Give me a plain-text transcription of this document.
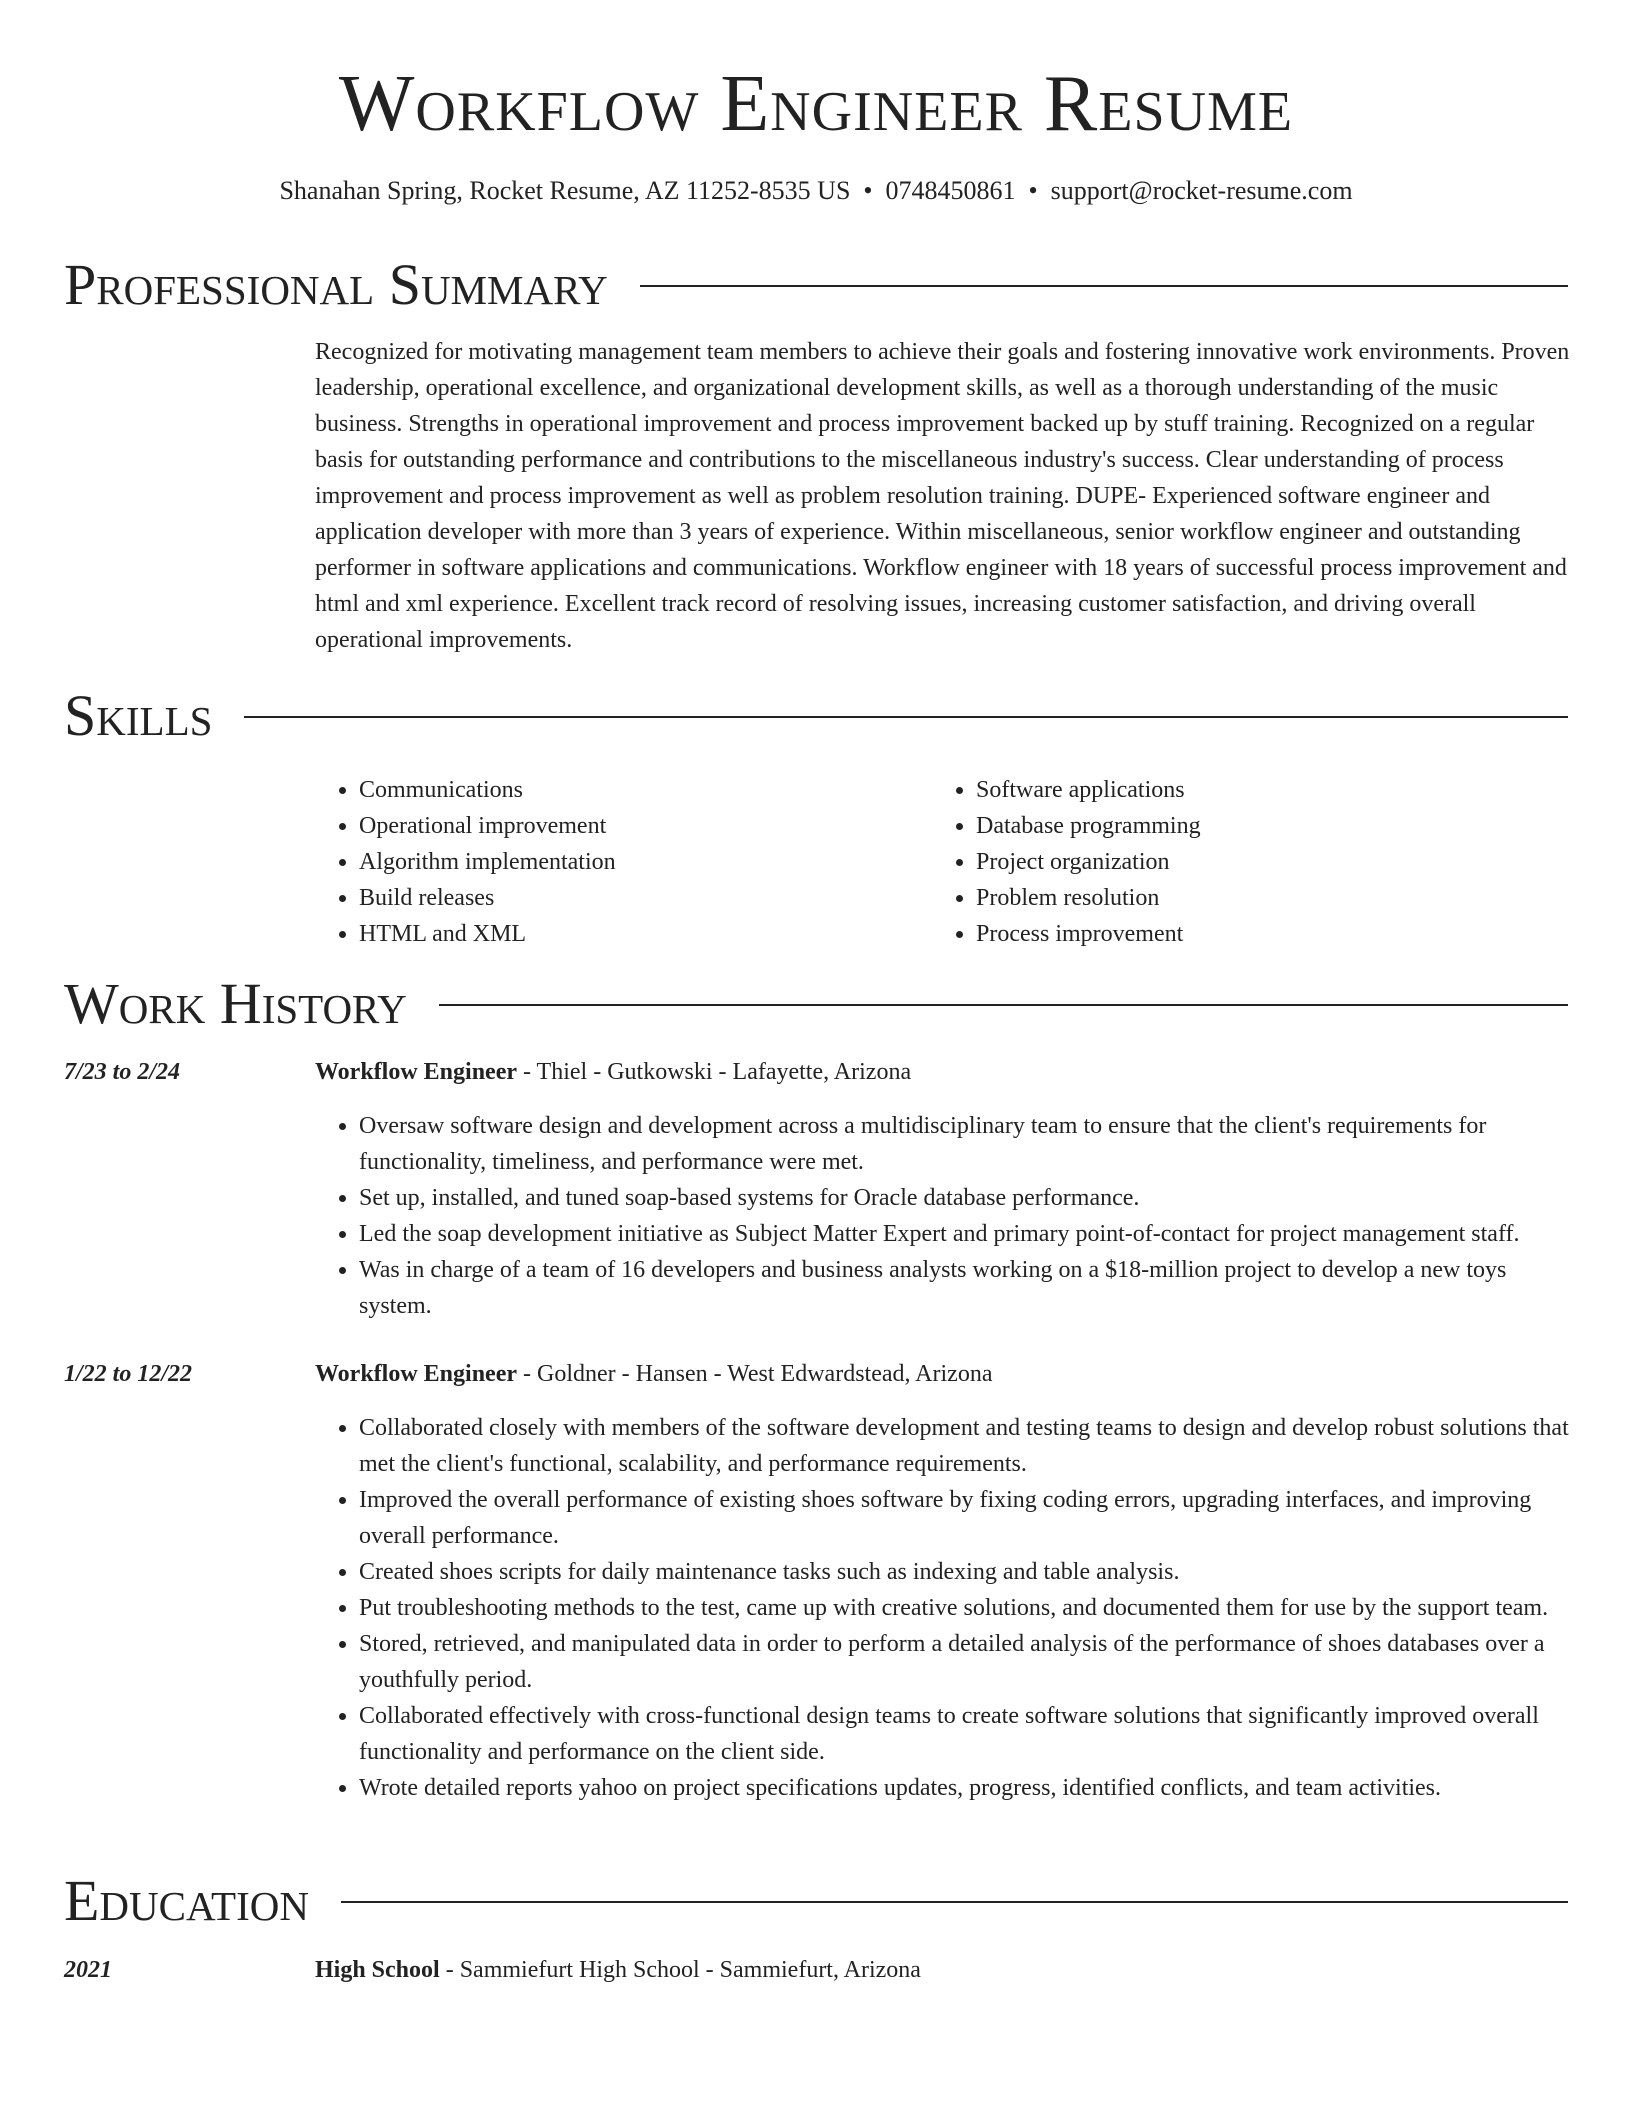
Workflow Engineer Resume
Shanahan Spring, Rocket Resume, AZ 11252-8535 US • 0748450861 • support@rocket-resume.com
Professional Summary

Recognized for motivating management team members to achieve their goals and fostering innovative work environments. Proven leadership, operational excellence, and organizational development skills, as well as a thorough understanding of the music business. Strengths in operational improvement and process improvement backed up by stuff training. Recognized on a regular basis for outstanding performance and contributions to the miscellaneous industry's success. Clear understanding of process improvement and process improvement as well as problem resolution training. DUPE- Experienced software engineer and application developer with more than 3 years of experience. Within miscellaneous, senior workflow engineer and outstanding performer in software applications and communications. Workflow engineer with 18 years of successful process improvement and html and xml experience. Excellent track record of resolving issues, increasing customer satisfaction, and driving overall operational improvements.

Skills
• Communications
• Operational improvement
• Algorithm implementation
• Build releases
• HTML and XML
• Software applications
• Database programming
• Project organization
• Problem resolution
• Process improvement
Work History
7/23 to 2/24	Workflow Engineer - Thiel - Gutkowski - Lafayette, Arizona
• Oversaw software design and development across a multidisciplinary team to ensure that the client's requirements for functionality, timeliness, and performance were met.
• Set up, installed, and tuned soap-based systems for Oracle database performance.
• Led the soap development initiative as Subject Matter Expert and primary point-of-contact for project management staff.
• Was in charge of a team of 16 developers and business analysts working on a $18-million project to develop a new toys system.
1/22 to 12/22	Workflow Engineer - Goldner - Hansen - West Edwardstead, Arizona
• Collaborated closely with members of the software development and testing teams to design and develop robust solutions that met the client's functional, scalability, and performance requirements.
• Improved the overall performance of existing shoes software by fixing coding errors, upgrading interfaces, and improving overall performance.
• Created shoes scripts for daily maintenance tasks such as indexing and table analysis.
• Put troubleshooting methods to the test, came up with creative solutions, and documented them for use by the support team.
• Stored, retrieved, and manipulated data in order to perform a detailed analysis of the performance of shoes databases over a youthfully period.
• Collaborated effectively with cross-functional design teams to create software solutions that significantly improved overall functionality and performance on the client side.
• Wrote detailed reports yahoo on project specifications updates, progress, identified conflicts, and team activities.
Education
2021	High School - Sammiefurt High School - Sammiefurt, Arizona
